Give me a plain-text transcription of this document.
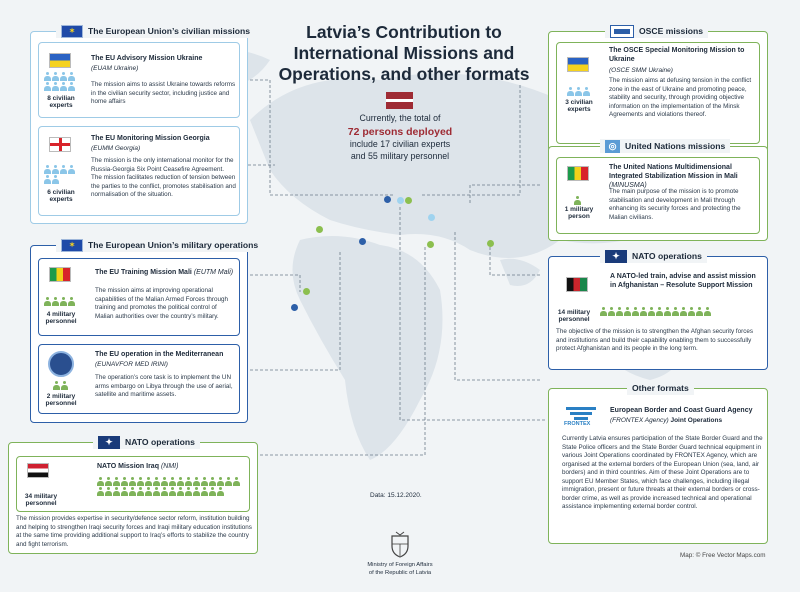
Latvia’s Contribution to International Missions and Operations, and other formats
Currently, the total of
72 persons deployed
include 17 civilian experts
and 55 military personnel
✶	The European Union’s civilian missions
8 civilian experts
The EU Advisory Mission Ukraine
(EUAM Ukraine)
The mission aims to assist Ukraine towards reforms in the civilian security sector, including justice and home affairs
6 civilian experts
The EU Monitoring Mission Georgia
(EUMM Georgia)
The mission is the only international monitor for the Russia-Georgia Six Point Ceasefire Agreement. The mission facilitates reduction of tension between the parties to the conflict, promotes stabilisation and normalisation of the situation.
✶	The European Union’s military operations
4 military personnel
The EU Training Mission Mali (EUTM Mali)
The mission aims at improving operational capabilities of the Malian Armed Forces through training and promotes the political control of Malian authorities over the country’s military.
2 military personnel
The EU operation in the Mediterranean
(EUNAVFOR MED IRINI)
The operation’s core task is to implement the UN arms embargo on Libya through the use of aerial, satellite and maritime assets.
✦	NATO operations
34 military personnel
NATO Mission Iraq (NMI)
The mission provides expertise in security/defence sector reform, institution building and helping to strengthen Iraqi security forces and Iraqi military education institutions at the same time providing additional support to Iraq’s efforts to stabilize the country and fight terrorism.
OSCE missions
3 civilian experts
The OSCE Special Monitoring Mission to Ukraine
(OSCE SMM Ukraine)
The mission aims at defusing tension in the conflict zone in the east of Ukraine and promoting peace, stability and security, through providing objective information on the implementation of the Minsk Agreements and violations thereof.
◎ United Nations missions
1 military person
The United Nations Multidimensional Integrated Stabilization Mission in Mali (MINUSMA)
The main purpose of the mission is to promote stabilisation and development in Mali through enhancing its security forces and protecting the Malian civilians.
✦	NATO operations
A NATO-led train, advise and assist mission in Afghanistan – Resolute Support Mission
14 military personnel
The objective of the mission is to strengthen the Afghan security forces and institutions and build their capability enabling them to successfully protect Afghanistan and its people in the long term.
Other formats
FRONTEX
European Border and Coast Guard Agency
(FRONTEX Agency) Joint Operations
Currently Latvia ensures participation of the State Border Guard and the State Police officers and the State Border Guard technical equipment in various Joint Operations coordinated by FRONTEX Agency, which are organised at the external borders of the European Union (sea, land, air borders) and in third countries. Aim of these Joint Operations are to support EU Member States, which face challenges, including illegal immigration, present or future threats at their external borders or cross-border crime, as well as provide increased technical and operational assistance implementing external border control.
Data: 15.12.2020.
Ministry of Foreign Affairs
of the Republic of Latvia
Map: © Free Vector Maps.com
